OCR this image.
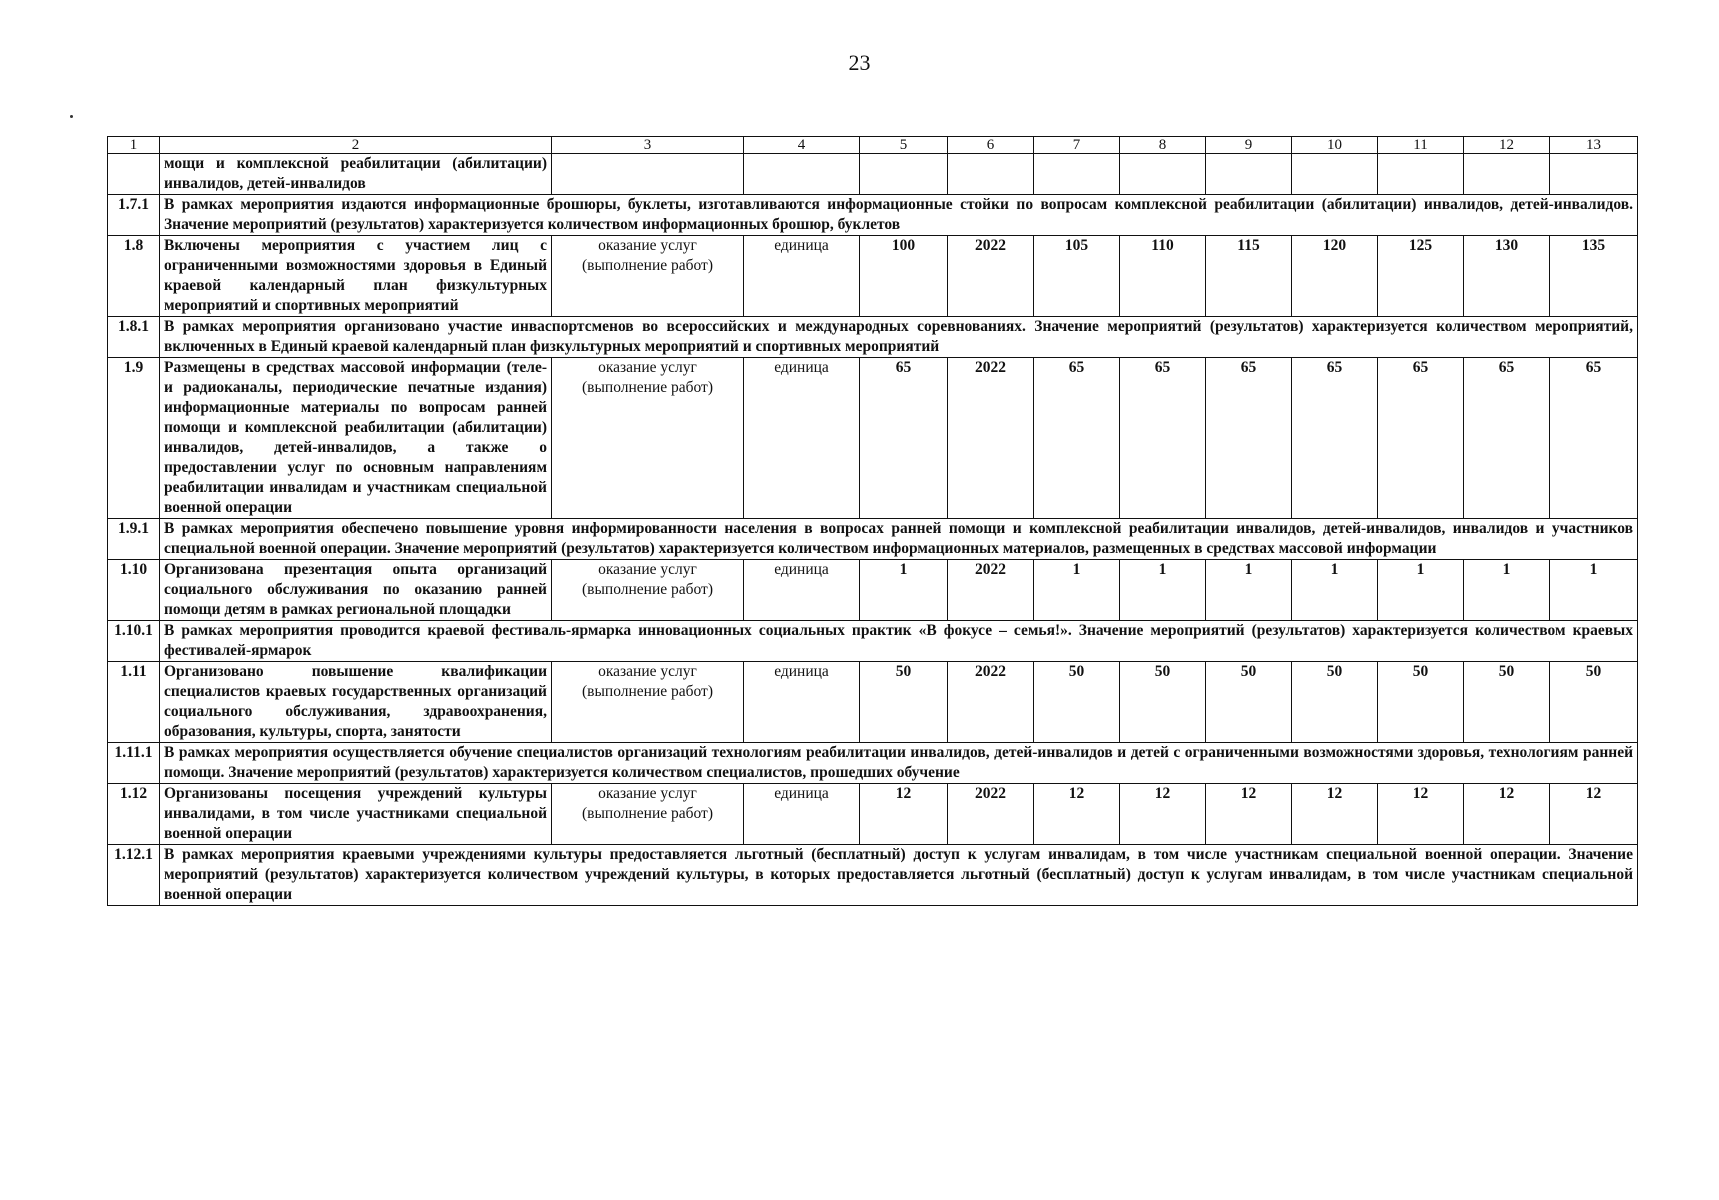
23
1	2	3	4	5	6	7	8	9	10	11	12	13
	мощи и комплексной реабилитации (абилитации) инвалидов, детей-инвалидов											
1.7.1	В рамках мероприятия издаются информационные брошюры, буклеты, изготавливаются информационные стойки по вопросам комплексной реабилитации (абилитации) инвалидов, детей-инвалидов. Значение мероприятий (результатов) характеризуется количеством информационных брошюр, буклетов											
1.8	Включены мероприятия с участием лиц с ограниченными возможностями здоровья в Единый краевой календарный план физкультурных мероприятий и спортивных мероприятий	оказание услуг (выполнение работ)	единица	100	2022	105	110	115	120	125	130	135
1.8.1	В рамках мероприятия организовано участие инваспортсменов во всероссийских и международных соревнованиях. Значение мероприятий (результатов) характеризуется количеством мероприятий, включенных в Единый краевой календарный план физкультурных мероприятий и спортивных мероприятий											
1.9	Размещены в средствах массовой информации (теле- и радиоканалы, периодические печатные издания) информационные материалы по вопросам ранней помощи и комплексной реабилитации (абилитации) инвалидов, детей-инвалидов, а также о предоставлении услуг по основным направлениям реабилитации инвалидам и участникам специальной военной операции	оказание услуг (выполнение работ)	единица	65	2022	65	65	65	65	65	65	65
1.9.1	В рамках мероприятия обеспечено повышение уровня информированности населения в вопросах ранней помощи и комплексной реабилитации инвалидов, детей-инвалидов, инвалидов и участников специальной военной операции. Значение мероприятий (результатов) характеризуется количеством информационных материалов, размещенных в средствах массовой информации											
1.10	Организована презентация опыта организаций социального обслуживания по оказанию ранней помощи детям в рамках региональной площадки	оказание услуг (выполнение работ)	единица	1	2022	1	1	1	1	1	1	1
1.10.1	В рамках мероприятия проводится краевой фестиваль-ярмарка инновационных социальных практик «В фокусе – семья!». Значение мероприятий (результатов) характеризуется количеством краевых фестивалей-ярмарок											
1.11	Организовано повышение квалификации специалистов краевых государственных организаций социального обслуживания, здравоохранения, образования, культуры, спорта, занятости	оказание услуг (выполнение работ)	единица	50	2022	50	50	50	50	50	50	50
1.11.1	В рамках мероприятия осуществляется обучение специалистов организаций технологиям реабилитации инвалидов, детей-инвалидов и детей с ограниченными возможностями здоровья, технологиям ранней помощи. Значение мероприятий (результатов) характеризуется количеством специалистов, прошедших обучение											
1.12	Организованы посещения учреждений культуры инвалидами, в том числе участниками специальной военной операции	оказание услуг (выполнение работ)	единица	12	2022	12	12	12	12	12	12	12
1.12.1	В рамках мероприятия краевыми учреждениями культуры предоставляется льготный (бесплатный) доступ к услугам инвалидам, в том числе участникам специальной военной операции. Значение мероприятий (результатов) характеризуется количеством учреждений культуры, в которых предоставляется льготный (бесплатный) доступ к услугам инвалидам, в том числе участникам специальной военной операции											
